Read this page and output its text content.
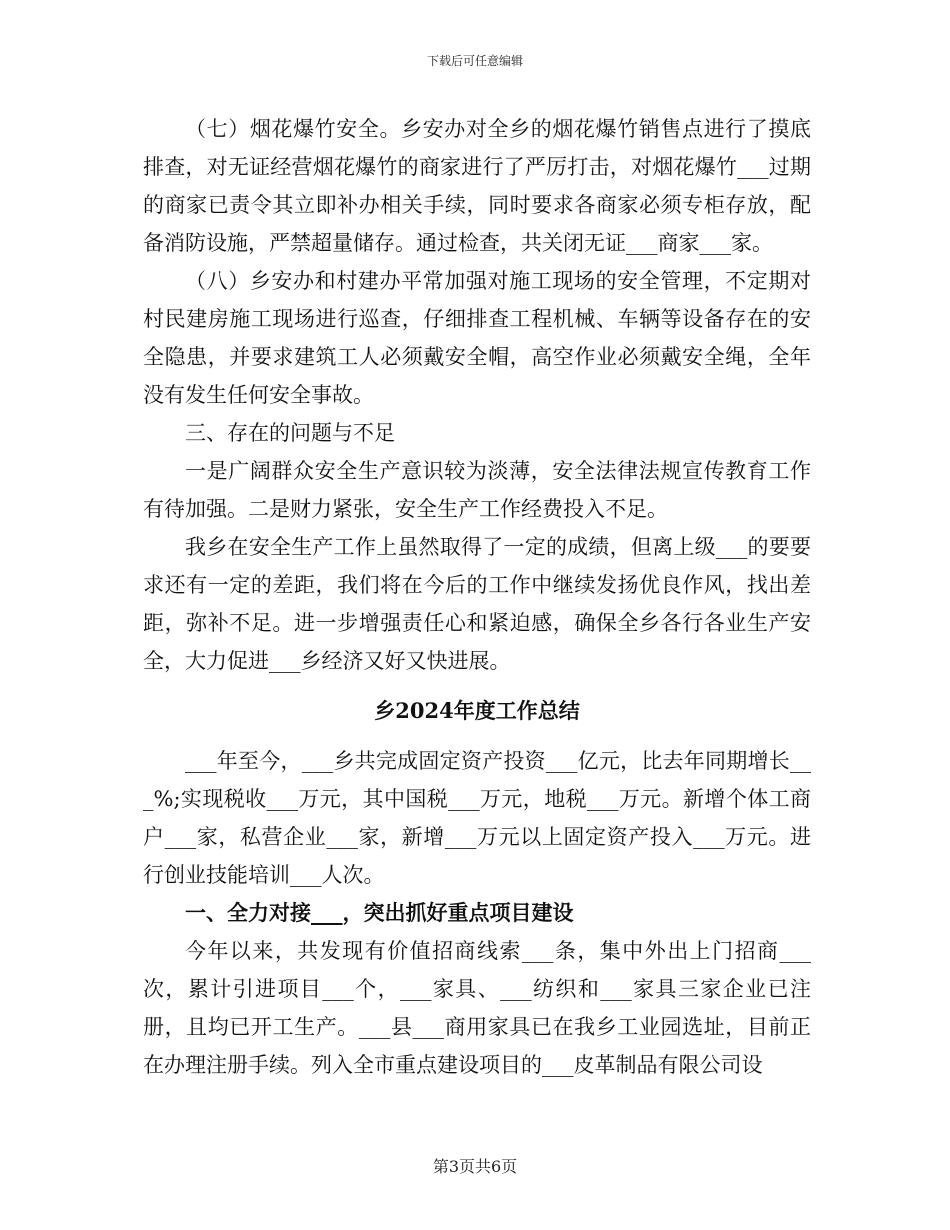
下载后可任意编辑

（七）烟花爆竹安全。乡安办对全乡的烟花爆竹销售点进行了摸底排查，对无证经营烟花爆竹的商家进行了严厉打击，对烟花爆竹___过期的商家已责令其立即补办相关手续，同时要求各商家必须专柜存放，配备消防设施，严禁超量储存。通过检查，共关闭无证___商家___家。

（八）乡安办和村建办平常加强对施工现场的安全管理，不定期对村民建房施工现场进行巡查，仔细排查工程机械、车辆等设备存在的安全隐患，并要求建筑工人必须戴安全帽，高空作业必须戴安全绳，全年没有发生任何安全事故。

三、存在的问题与不足

一是广阔群众安全生产意识较为淡薄，安全法律法规宣传教育工作有待加强。二是财力紧张，安全生产工作经费投入不足。

我乡在安全生产工作上虽然取得了一定的成绩，但离上级___的要要求还有一定的差距，我们将在今后的工作中继续发扬优良作风，找出差距，弥补不足。进一步增强责任心和紧迫感，确保全乡各行各业生产安全，大力促进___乡经济又好又快进展。

乡2024年度工作总结

___年至今，___乡共完成固定资产投资___亿元，比去年同期增长___%;实现税收___万元，其中国税___万元，地税___万元。新增个体工商户___家，私营企业___家，新增___万元以上固定资产投入___万元。进行创业技能培训___人次。

一、全力对接___，突出抓好重点项目建设

今年以来，共发现有价值招商线索___条，集中外出上门招商___次，累计引进项目___个，___家具、___纺织和___家具三家企业已注册，且均已开工生产。___县___商用家具已在我乡工业园选址，目前正在办理注册手续。列入全市重点建设项目的___皮革制品有限公司设

第3页共6页
